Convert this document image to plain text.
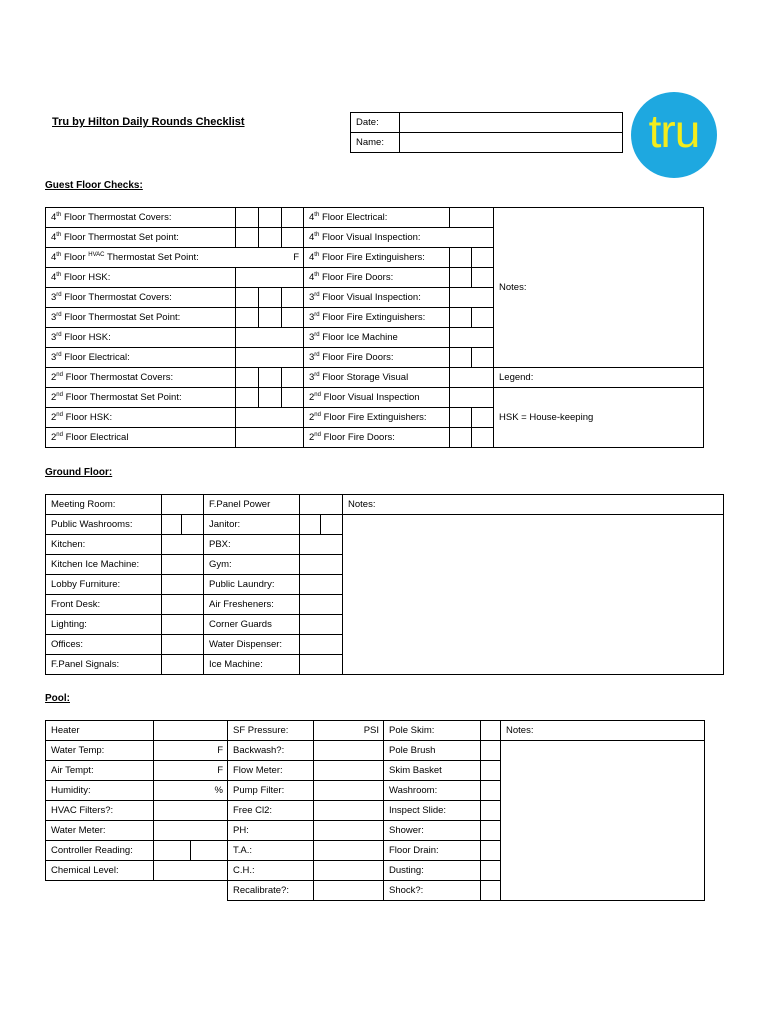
Tru by Hilton Daily Rounds Checklist	tru
Date:	
Name:	
Guest Floor Checks:
4th Floor Thermostat Covers:				4th Floor Electrical:			Notes:
4th Floor Thermostat Set point:				4th Floor Visual Inspection:			
4th Floor $^{HVAC}$ Thermostat Set Point:	F			4th Floor Fire Extinguishers:			
4th Floor HSK:				4th Floor Fire Doors:			
3rd Floor Thermostat Covers:				3rd Floor Visual Inspection:			
3rd Floor Thermostat Set Point:				3rd Floor Fire Extinguishers:			
3rd Floor HSK:				3rd Floor Ice Machine			
3rd Floor Electrical:				3rd Floor Fire Doors:			
2nd Floor Thermostat Covers:				3rd Floor Storage Visual			Legend:
2nd Floor Thermostat Set Point:				2nd Floor Visual Inspection			HSK = House-keeping
2nd Floor HSK:				2nd Floor Fire Extinguishers:			
2nd Floor Electrical				2nd Floor Fire Doors:			
Ground Floor:
Meeting Room:			F.Panel Power			Notes:
Public Washrooms:			Janitor:			
Kitchen:			PBX:			
Kitchen Ice Machine:			Gym:			
Lobby Furniture:			Public Laundry:			
Front Desk:			Air Fresheners:			
Lighting:			Corner Guards			
Offices:			Water Dispenser:			
F.Panel Signals:			Ice Machine:			
Pool:
Heater			SF Pressure:	PSI	Pole Skim:		Notes:
Water Temp:	F		Backwash?:		Pole Brush		
Air Tempt:	F		Flow Meter:		Skim Basket		
Humidity:	%		Pump Filter:		Washroom:		
HVAC Filters?:			Free Cl2:		Inspect Slide:		
Water Meter:			PH:		Shower:		
Controller Reading:			T.A.:		Floor Drain:		
Chemical Level:			C.H.:		Dusting:		
			Recalibrate?:		Shock?:		
